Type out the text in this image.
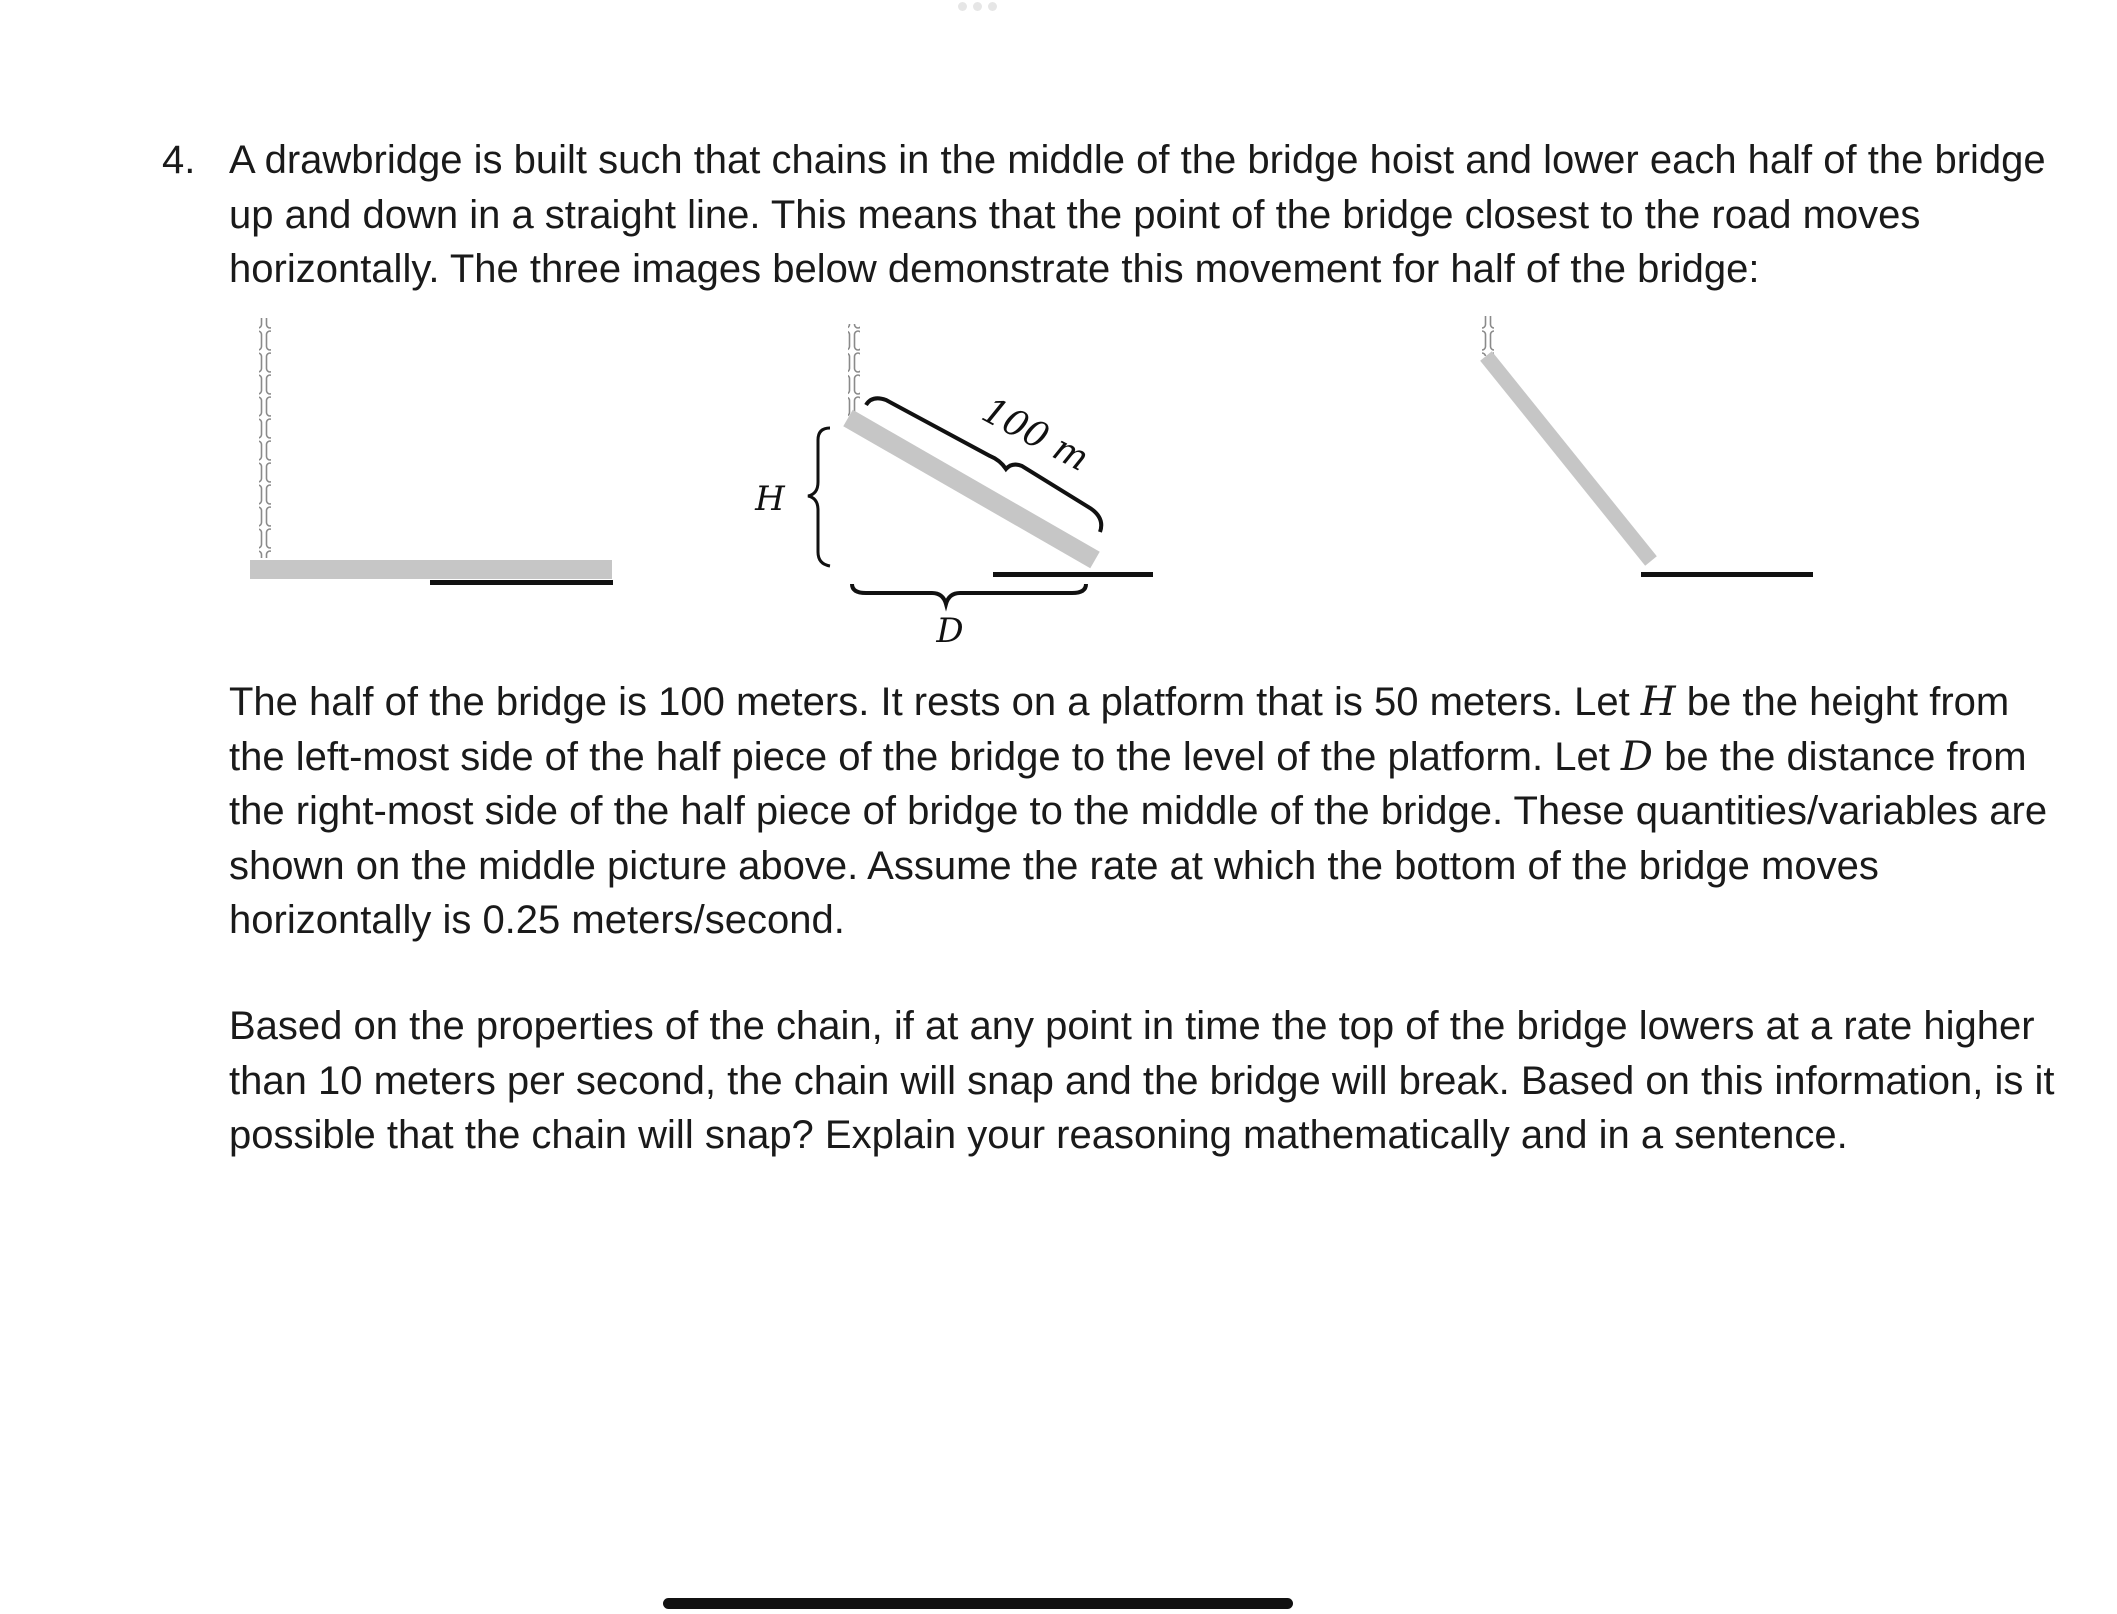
4. A drawbridge is built such that chains in the middle of the bridge hoist and lower each half of the bridge up and down in a straight line. This means that the point of the bridge closest to the road moves horizontally. The three images below demonstrate this movement for half of the bridge:

H
D
100 m

The half of the bridge is 100 meters. It rests on a platform that is 50 meters. Let H be the height from the left-most side of the half piece of the bridge to the level of the platform. Let D be the distance from the right-most side of the half piece of bridge to the middle of the bridge. These quantities/variables are shown on the middle picture above. Assume the rate at which the bottom of the bridge moves horizontally is 0.25 meters/second.

Based on the properties of the chain, if at any point in time the top of the bridge lowers at a rate higher than 10 meters per second, the chain will snap and the bridge will break. Based on this information, is it possible that the chain will snap? Explain your reasoning mathematically and in a sentence.
